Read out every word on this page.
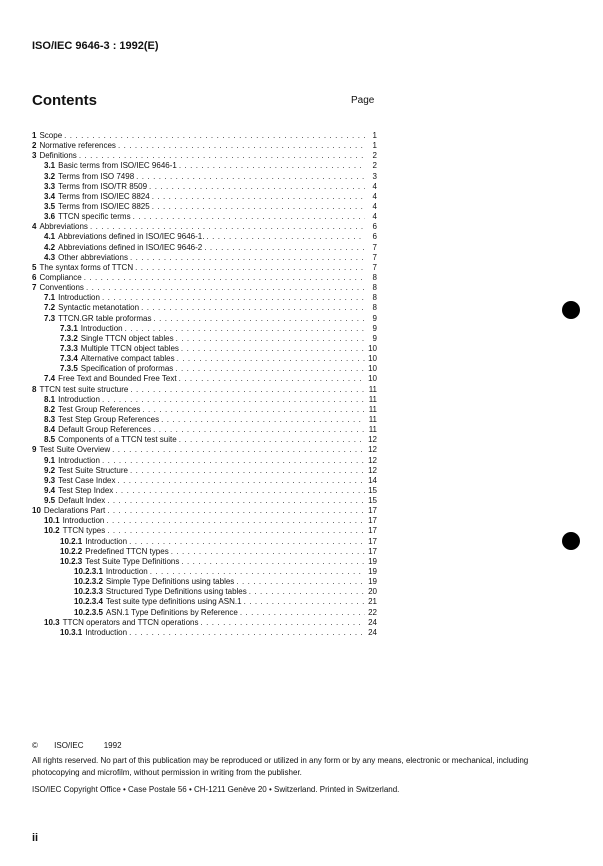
ISO/IEC 9646-3 : 1992(E)
Contents	Page
1 Scope . . .	1
2 Normative references . . .	1
3 Definitions . . .	2
3.1 Basic terms from ISO/IEC 9646-1 . . .	2
3.2 Terms from ISO 7498 . . .	3
3.3 Terms from ISO/TR 8509 . . .	4
3.4 Terms from ISO/IEC 8824 . . .	4
3.5 Terms from ISO/IEC 8825 . . .	4
3.6 TTCN specific terms . . .	4
4 Abbreviations . . .	6
4.1 Abbreviations defined in ISO/IEC 9646-1. . . .	6
4.2 Abbreviations defined in ISO/IEC 9646-2 . . .	7
4.3 Other abbreviations . . .	7
5 The syntax forms of TTCN . . .	7
6 Compliance . . .	8
7 Conventions . . .	8
7.1 Introduction . . .	8
7.2 Syntactic metanotation . . .	8
7.3 TTCN.GR table proformas . . .	9
7.3.1 Introduction . . .	9
7.3.2 Single TTCN object tables . . .	9
7.3.3 Multiple TTCN object tables . . .	10
7.3.4 Alternative compact tables . . .	10
7.3.5 Specification of proformas . . .	10
7.4 Free Text and Bounded Free Text . . .	10
8 TTCN test suite structure . . .	11
8.1 Introduction . . .	11
8.2 Test Group References . . .	11
8.3 Test Step Group References . . .	11
8.4 Default Group References . . .	11
8.5 Components of a TTCN test suite . . .	12
9 Test Suite Overview . . .	12
9.1 Introduction . . .	12
9.2 Test Suite Structure . . .	12
9.3 Test Case Index . . .	14
9.4 Test Step Index . . .	15
9.5 Default Index . . .	15
10 Declarations Part . . .	17
10.1 Introduction . . .	17
10.2 TTCN types . . .	17
10.2.1 Introduction . . .	17
10.2.2 Predefined TTCN types . . .	17
10.2.3 Test Suite Type Definitions . . .	19
10.2.3.1 Introduction . . .	19
10.2.3.2 Simple Type Definitions using tables . . .	19
10.2.3.3 Structured Type Definitions using tables . . .	20
10.2.3.4 Test suite type definitions using ASN.1 . . .	21
10.2.3.5 ASN.1 Type Definitions by Reference . . .	22
10.3 TTCN operators and TTCN operations . . .	24
10.3.1 Introduction . . .	24
© ISO/IEC	1992
All rights reserved. No part of this publication may be reproduced or utilized in any form or by any means, electronic or mechanical, including photocopying and microfilm, without permission in writing from the publisher.
ISO/IEC Copyright Office • Case Postale 56 • CH-1211 Genève 20 • Switzerland. Printed in Switzerland.
ii
